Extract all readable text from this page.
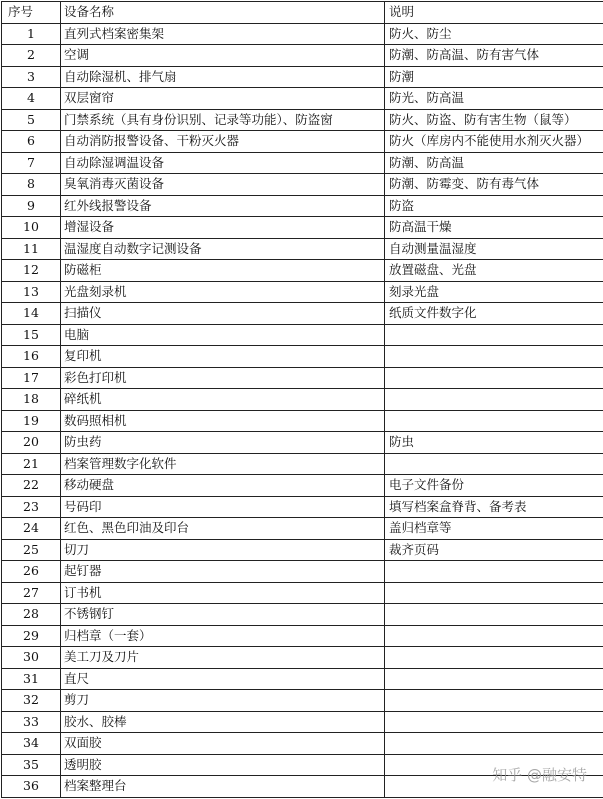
序号	设备名称	说明
1	直列式档案密集架	防火、防尘
2	空调	防潮、防高温、防有害气体
3	自动除湿机、排气扇	防潮
4	双层窗帘	防光、防高温
5	门禁系统（具有身份识别、记录等功能）、防盗窗	防火、防盗、防有害生物（鼠等）
6	自动消防报警设备、干粉灭火器	防火（库房内不能使用水剂灭火器）
7	自动除湿调温设备	防潮、防高温
8	臭氧消毒灭菌设备	防潮、防霉变、防有毒气体
9	红外线报警设备	防盗
10	增湿设备	防高温干燥
11	温湿度自动数字记测设备	自动测量温湿度
12	防磁柜	放置磁盘、光盘
13	光盘刻录机	刻录光盘
14	扫描仪	纸质文件数字化
15	电脑	
16	复印机	
17	彩色打印机	
18	碎纸机	
19	数码照相机	
20	防虫药	防虫
21	档案管理数字化软件	
22	移动硬盘	电子文件备份
23	号码印	填写档案盒脊背、备考表
24	红色、黑色印油及印台	盖归档章等
25	切刀	裁齐页码
26	起钉器	
27	订书机	
28	不锈钢钉	
29	归档章（一套）	
30	美工刀及刀片	
31	直尺	
32	剪刀	
33	胶水、胶棒	
34	双面胶	
35	透明胶	
36	档案整理台	
知乎 @融安特
